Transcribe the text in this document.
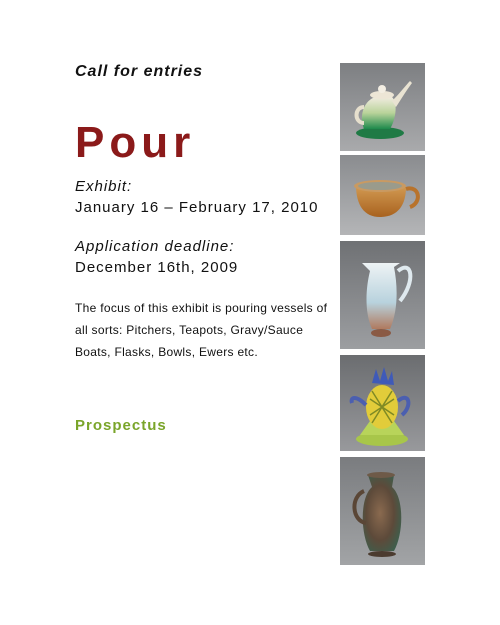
Call for entries
Pour
Exhibit:
January 16 – February 17, 2010
Application deadline:
December 16th, 2009
The focus of this exhibit is pouring vessels of all sorts: Pitchers, Teapots, Gravy/Sauce Boats, Flasks, Bowls, Ewers etc.
Prospectus
